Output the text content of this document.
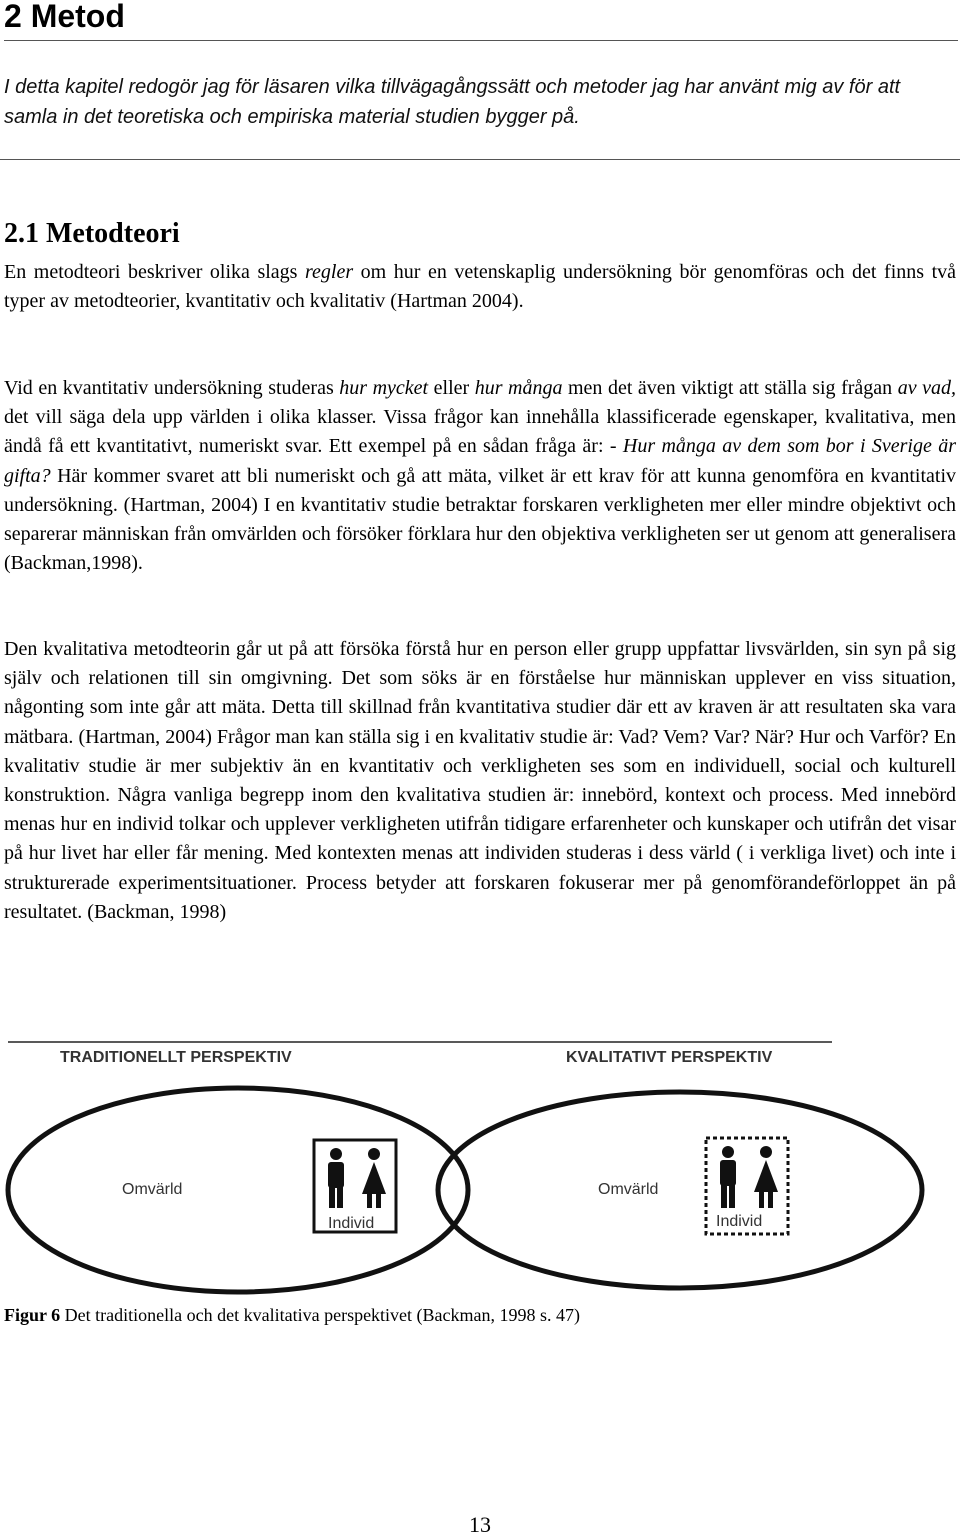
2 Metod

I detta kapitel redogör jag för läsaren vilka tillvägagångssätt och metoder jag har använt mig av för att samla in det teoretiska och empiriska material studien bygger på.

2.1 Metodteori

En metodteori beskriver olika slags regler om hur en vetenskaplig undersökning bör genomföras och det finns två typer av metodteorier, kvantitativ och kvalitativ (Hartman 2004).

Vid en kvantitativ undersökning studeras hur mycket eller hur många men det även viktigt att ställa sig frågan av vad, det vill säga dela upp världen i olika klasser. Vissa frågor kan innehålla klassificerade egenskaper, kvalitativa, men ändå få ett kvantitativt, numeriskt svar. Ett exempel på en sådan fråga är: - Hur många av dem som bor i Sverige är gifta? Här kommer svaret att bli numeriskt och gå att mäta, vilket är ett krav för att kunna genomföra en kvantitativ undersökning. (Hartman, 2004) I en kvantitativ studie betraktar forskaren verkligheten mer eller mindre objektivt och separerar människan från omvärlden och försöker förklara hur den objektiva verkligheten ser ut genom att generalisera (Backman,1998).

Den kvalitativa metodteorin går ut på att försöka förstå hur en person eller grupp uppfattar livsvärlden, sin syn på sig själv och relationen till sin omgivning. Det som söks är en förståelse hur människan upplever en viss situation, någonting som inte går att mäta. Detta till skillnad från kvantitativa studier där ett av kraven är att resultaten ska vara mätbara. (Hartman, 2004) Frågor man kan ställa sig i en kvalitativ studie är: Vad? Vem? Var? När? Hur och Varför? En kvalitativ studie är mer subjektiv än en kvantitativ och verkligheten ses som en individuell, social och kulturell konstruktion. Några vanliga begrepp inom den kvalitativa studien är: innebörd, kontext och process. Med innebörd menas hur en individ tolkar och upplever verkligheten utifrån tidigare erfarenheter och kunskaper och utifrån det visar på hur livet har eller får mening. Med kontexten menas att individen studeras i dess värld ( i verkliga livet) och inte i strukturerade experimentsituationer. Process betyder att forskaren fokuserar mer på genomförandeförloppet än på resultatet. (Backman, 1998)

TRADITIONELLT PERSPEKTIV
Omvärld
Individ
KVALITATIVT PERSPEKTIV
Omvärld
Individ

Figur 6 Det traditionella och det kvalitativa perspektivet (Backman, 1998 s. 47)

13
